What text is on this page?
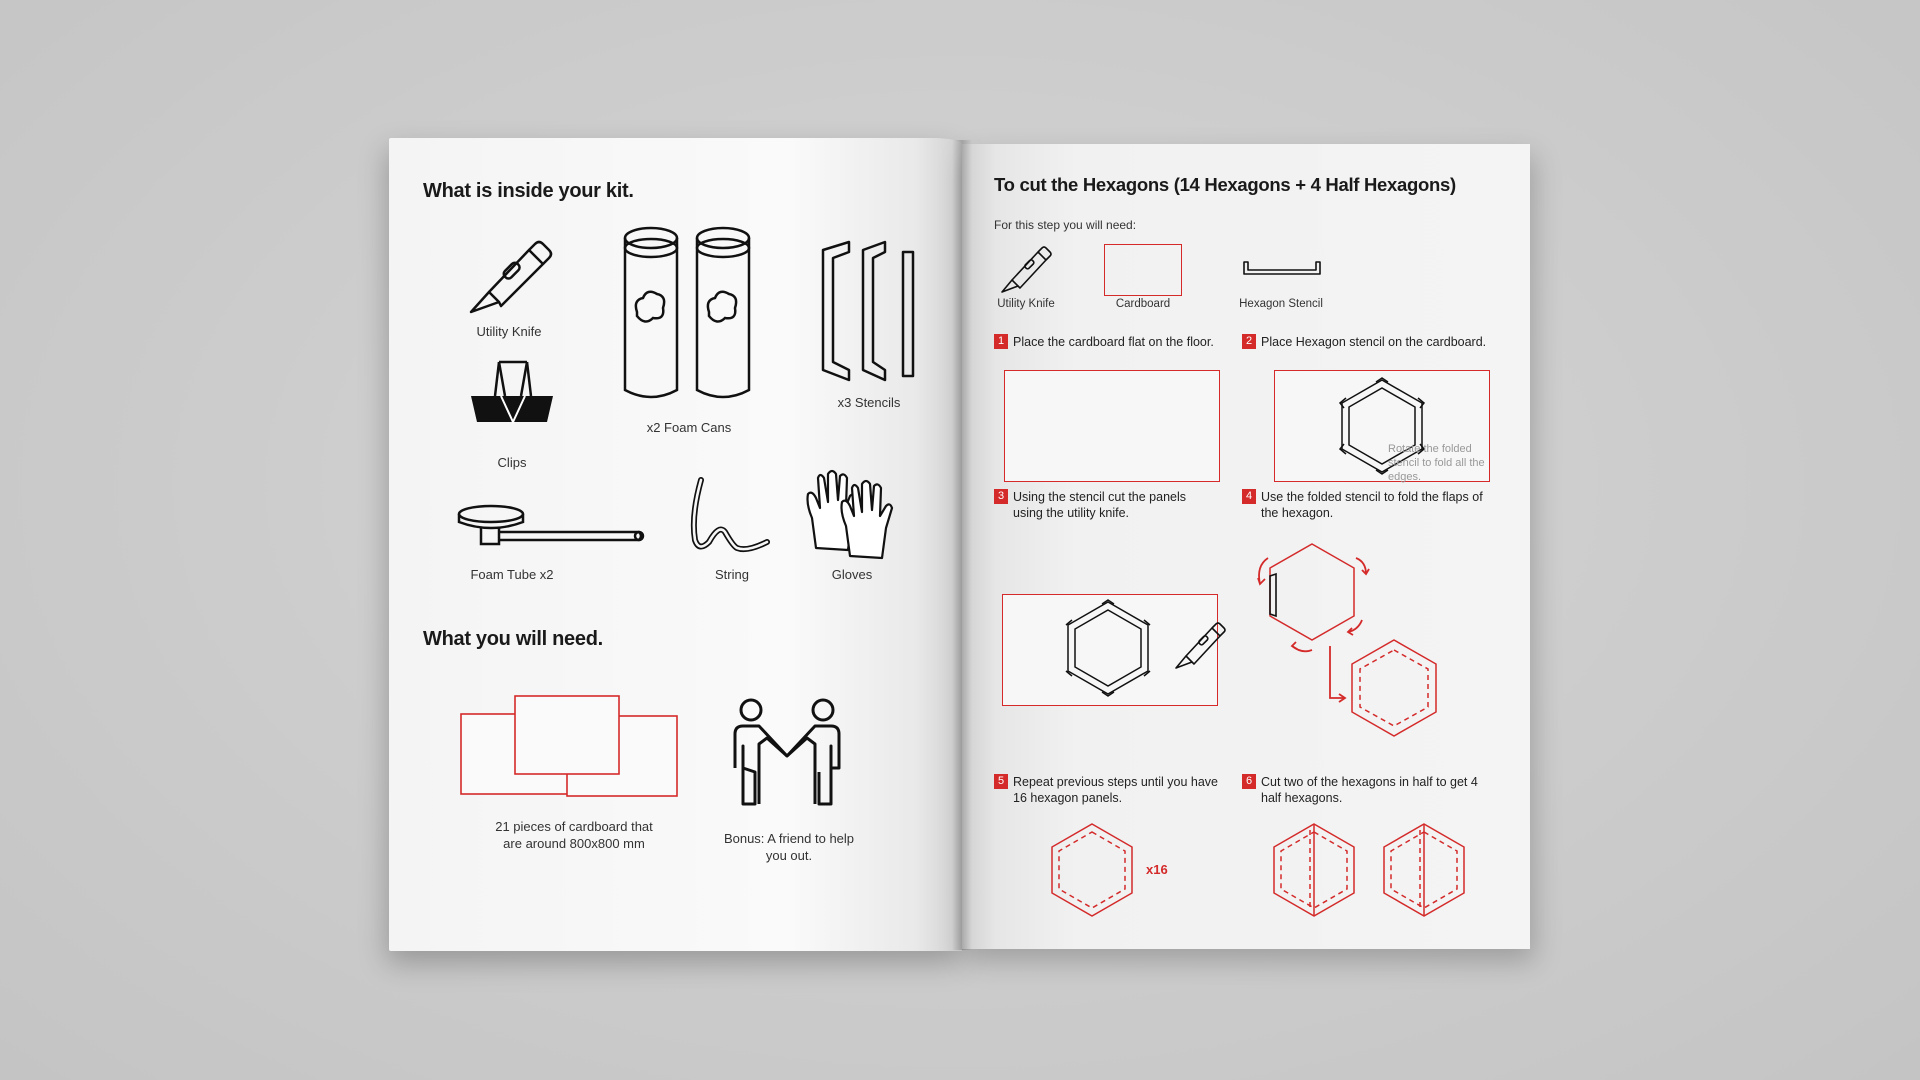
What is inside your kit.
Utility Knife
Clips
x2 Foam Cans
x3 Stencils
Foam Tube x2	String	Gloves
What you will need.
21 pieces of cardboard that are around 800x800 mm	Bonus: A friend to help you out.
To cut the Hexagons (14 Hexagons + 4 Half Hexagons)
For this step you will need:
Utility Knife	Cardboard	Hexagon Stencil
1 Place the cardboard flat on the floor.	2 Place Hexagon stencil on the cardboard.
3 Using the stencil cut the panels using the utility knife.
4 Use the folded stencil to fold the flaps of the hexagon.
Rotate the folded stencil to fold all the edges.
5 Repeat previous steps until you have 16 hexagon panels.
6 Cut two of the hexagons in half to get 4 half hexagons.
x16
